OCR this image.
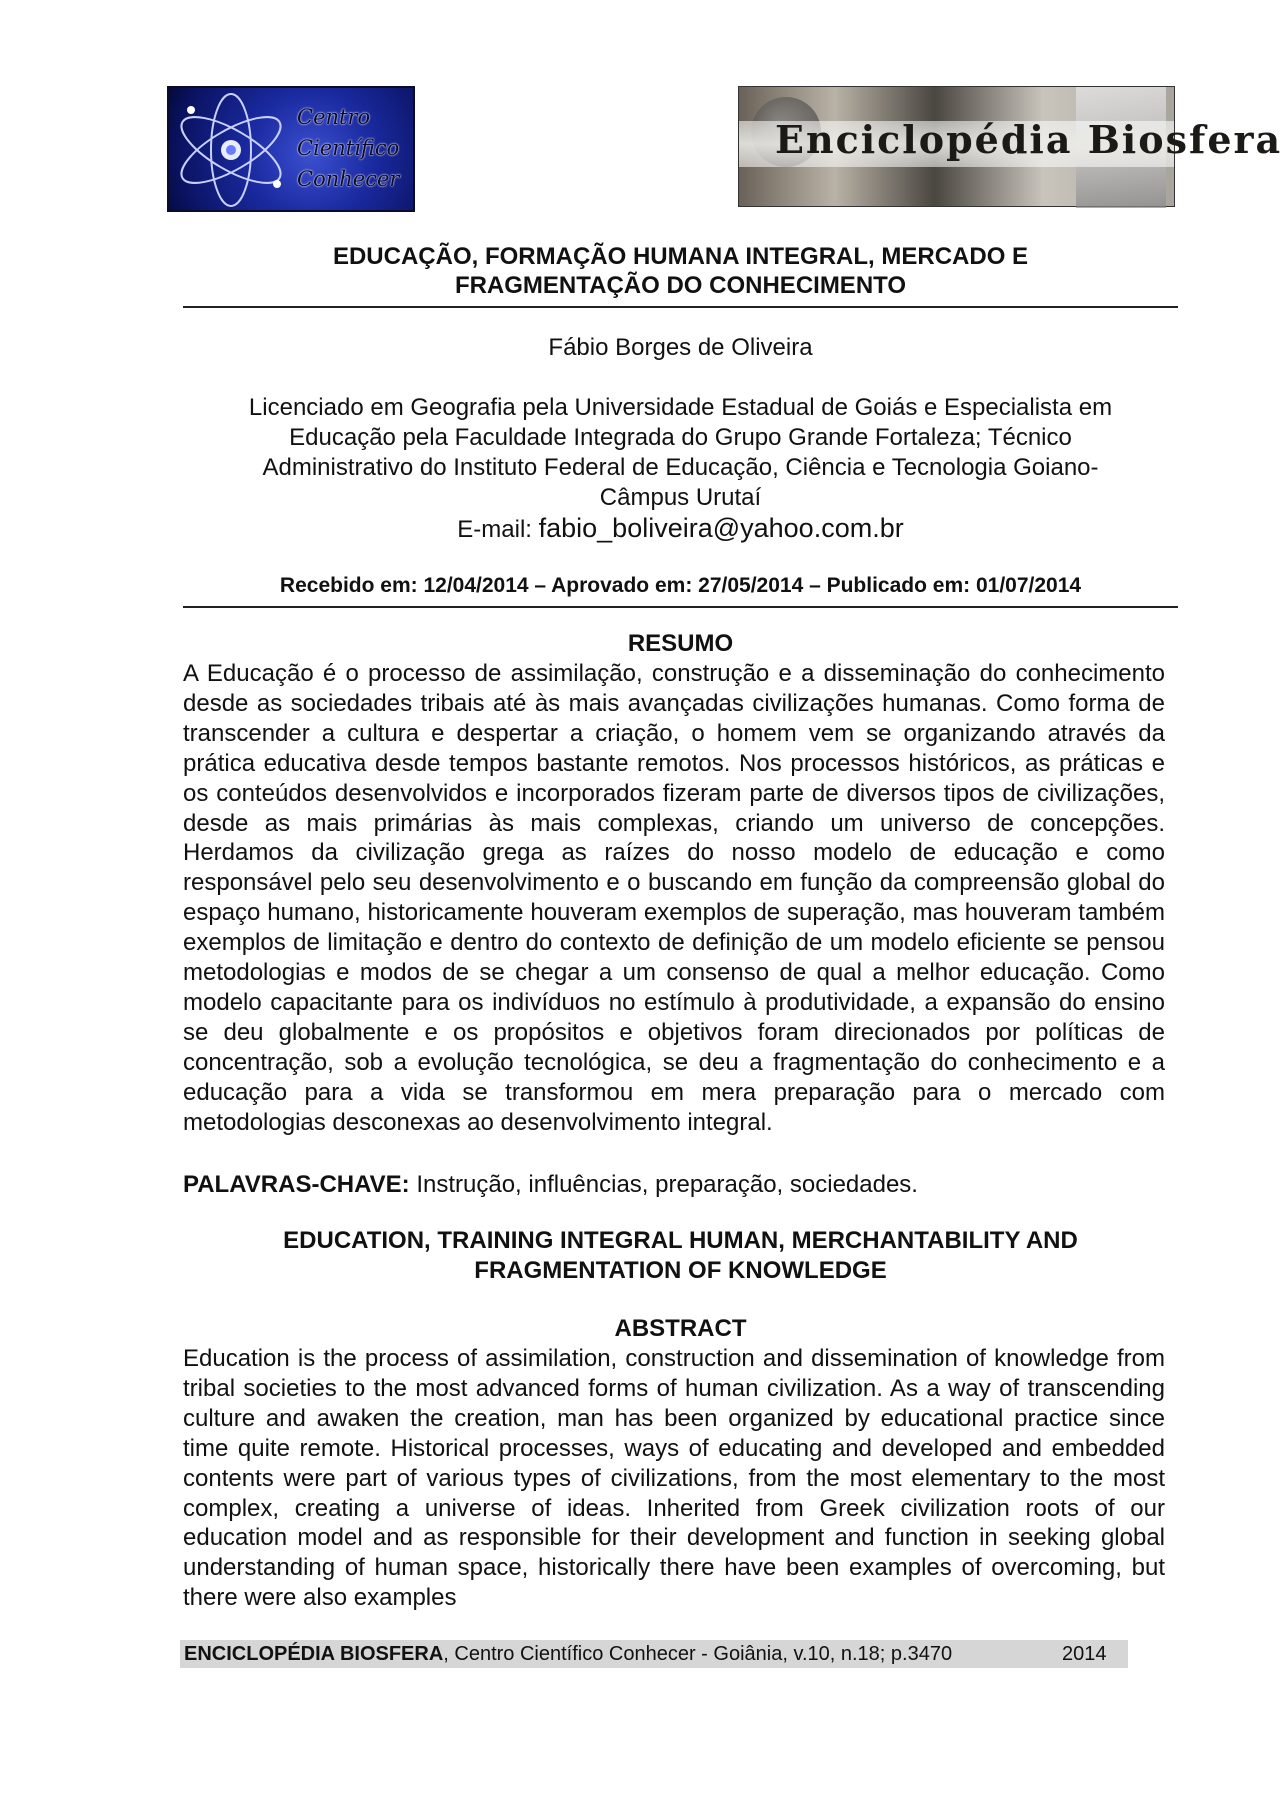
Centro
Científico
Conhecer
Enciclopédia Biosfera
EDUCAÇÃO, FORMAÇÃO HUMANA INTEGRAL, MERCADO E
FRAGMENTAÇÃO DO CONHECIMENTO
Fábio Borges de Oliveira
Licenciado em Geografia pela Universidade Estadual de Goiás e Especialista em
Educação pela Faculdade Integrada do Grupo Grande Fortaleza; Técnico
Administrativo do Instituto Federal de Educação, Ciência e Tecnologia Goiano-
Câmpus Urutaí
E-mail: fabio_boliveira@yahoo.com.br
Recebido em: 12/04/2014 – Aprovado em: 27/05/2014 – Publicado em: 01/07/2014
RESUMO

A Educação é o processo de assimilação, construção e a disseminação do conhecimento desde as sociedades tribais até às mais avançadas civilizações humanas. Como forma de transcender a cultura e despertar a criação, o homem vem se organizando através da prática educativa desde tempos bastante remotos. Nos processos históricos, as práticas e os conteúdos desenvolvidos e incorporados fizeram parte de diversos tipos de civilizações, desde as mais primárias às mais complexas, criando um universo de concepções. Herdamos da civilização grega as raízes do nosso modelo de educação e como responsável pelo seu desenvolvimento e o buscando em função da compreensão global do espaço humano, historicamente houveram exemplos de superação, mas houveram também exemplos de limitação e dentro do contexto de definição de um modelo eficiente se pensou metodologias e modos de se chegar a um consenso de qual a melhor educação. Como modelo capacitante para os indivíduos no estímulo à produtividade, a expansão do ensino se deu globalmente e os propósitos e objetivos foram direcionados por políticas de concentração, sob a evolução tecnológica, se deu a fragmentação do conhecimento e a educação para a vida se transformou em mera preparação para o mercado com metodologias desconexas ao desenvolvimento integral.

PALAVRAS-CHAVE: Instrução, influências, preparação, sociedades.

EDUCATION, TRAINING INTEGRAL HUMAN, MERCHANTABILITY AND
FRAGMENTATION OF KNOWLEDGE
ABSTRACT

Education is the process of assimilation, construction and dissemination of knowledge from tribal societies to the most advanced forms of human civilization. As a way of transcending culture and awaken the creation, man has been organized by educational practice since time quite remote. Historical processes, ways of educating and developed and embedded contents were part of various types of civilizations, from the most elementary to the most complex, creating a universe of ideas. Inherited from Greek civilization roots of our education model and as responsible for their development and function in seeking global understanding of human space, historically there have been examples of overcoming, but there were also examples

ENCICLOPÉDIA BIOSFERA, Centro Científico Conhecer - Goiânia, v.10, n.18; p.3470	2014
